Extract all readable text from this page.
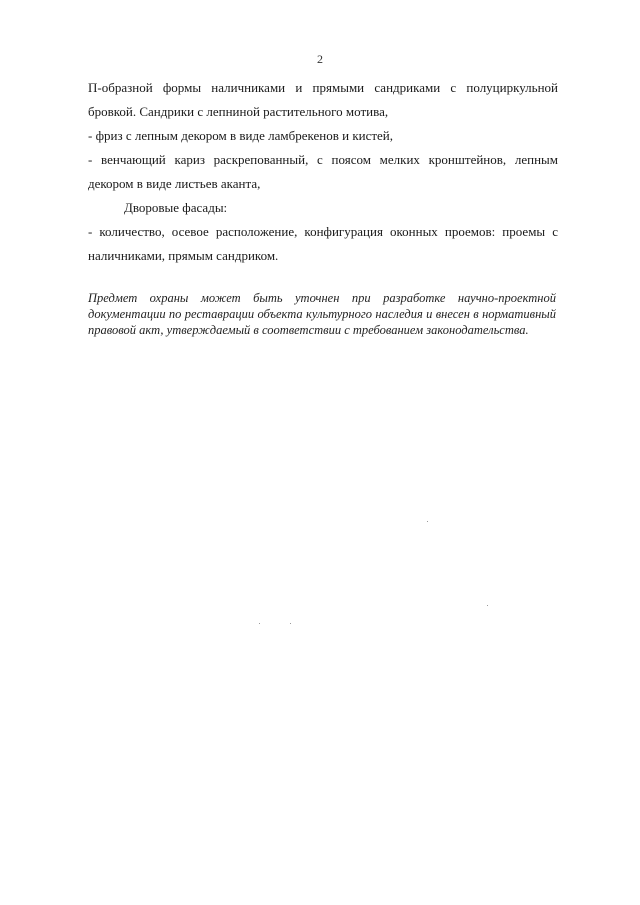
2

П-образной формы наличниками и прямыми сандриками с полуциркульной бровкой. Сандрики с лепниной растительного мотива,

- фриз с лепным декором в виде ламбрекенов и кистей,

- венчающий кариз раскрепованный, с поясом мелких кронштейнов, лепным декором в виде листьев аканта,

Дворовые фасады:

- количество, осевое расположение, конфигурация оконных проемов: проемы с наличниками, прямым сандриком.

Предмет охраны может быть уточнен при разработке научно-проектной документации по реставрации объекта культурного наследия и внесен в нормативный правовой акт, утверждаемый в соответствии с требованием законодательства.
